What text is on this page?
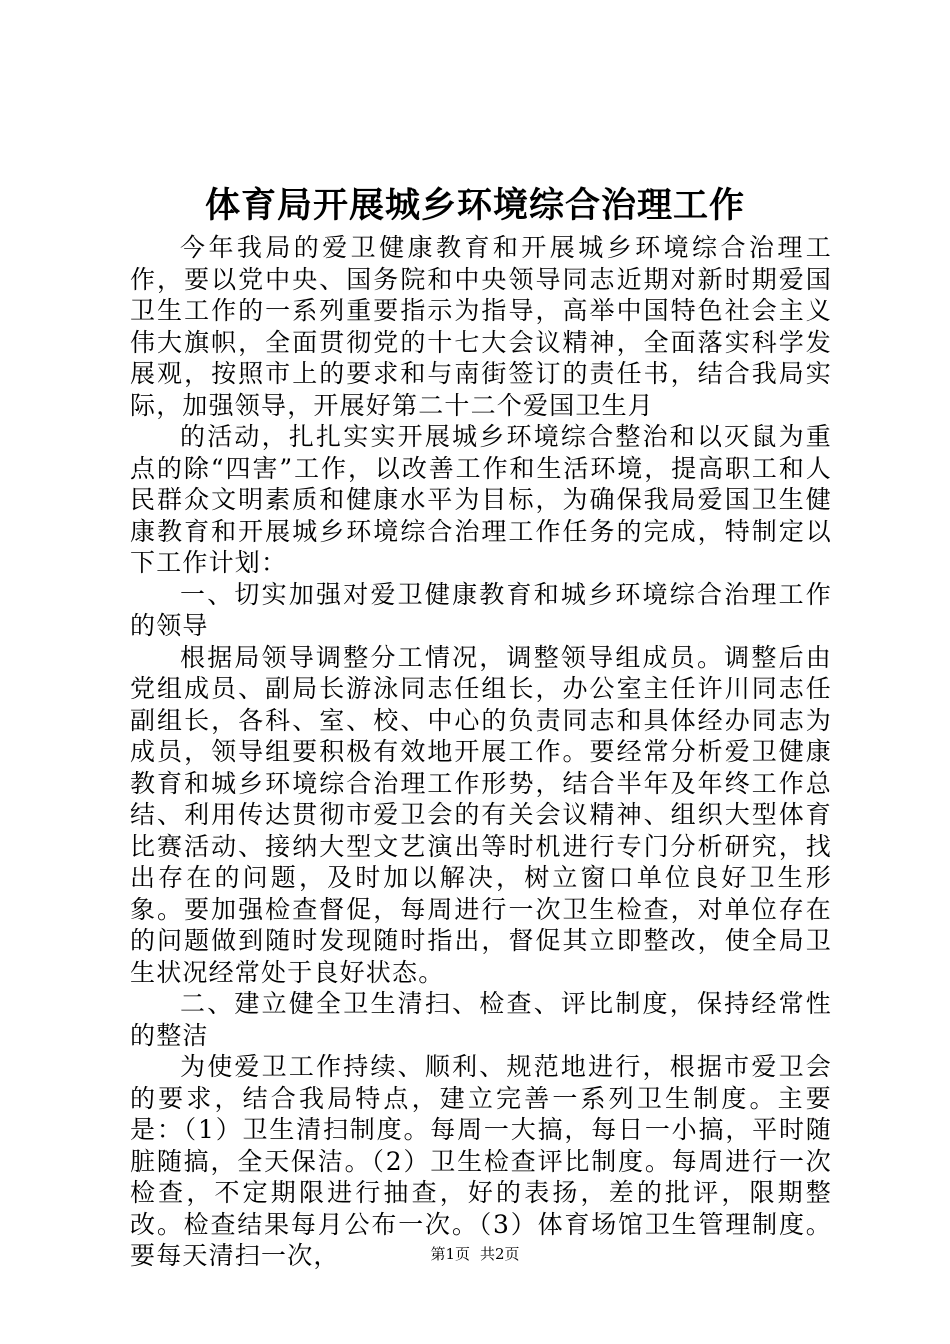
体育局开展城乡环境综合治理工作

今年我局的爱卫健康教育和开展城乡环境综合治理工作，要以党中央、国务院和中央领导同志近期对新时期爱国卫生工作的一系列重要指示为指导，高举中国特色社会主义伟大旗帜，全面贯彻党的十七大会议精神，全面落实科学发展观，按照市上的要求和与南街签订的责任书，结合我局实际，加强领导，开展好第二十二个爱国卫生月

的活动，扎扎实实开展城乡环境综合整治和以灭鼠为重点的除“四害”工作，以改善工作和生活环境，提高职工和人民群众文明素质和健康水平为目标，为确保我局爱国卫生健康教育和开展城乡环境综合治理工作任务的完成，特制定以下工作计划：

一、切实加强对爱卫健康教育和城乡环境综合治理工作的领导

根据局领导调整分工情况，调整领导组成员。调整后由党组成员、副局长游泳同志任组长，办公室主任许川同志任副组长，各科、室、校、中心的负责同志和具体经办同志为成员，领导组要积极有效地开展工作。要经常分析爱卫健康教育和城乡环境综合治理工作形势，结合半年及年终工作总结、利用传达贯彻市爱卫会的有关会议精神、组织大型体育比赛活动、接纳大型文艺演出等时机进行专门分析研究，找出存在的问题，及时加以解决，树立窗口单位良好卫生形象。要加强检查督促，每周进行一次卫生检查，对单位存在的问题做到随时发现随时指出，督促其立即整改，使全局卫生状况经常处于良好状态。

二、建立健全卫生清扫、检查、评比制度，保持经常性的整洁

为使爱卫工作持续、顺利、规范地进行，根据市爱卫会的要求，结合我局特点，建立完善一系列卫生制度。主要是：（1）卫生清扫制度。每周一大搞，每日一小搞，平时随脏随搞，全天保洁。（2）卫生检查评比制度。每周进行一次检查，不定期限进行抽查，好的表扬，差的批评，限期整改。检查结果每月公布一次。（3）体育场馆卫生管理制度。要每天清扫一次，	第1页 共2页
